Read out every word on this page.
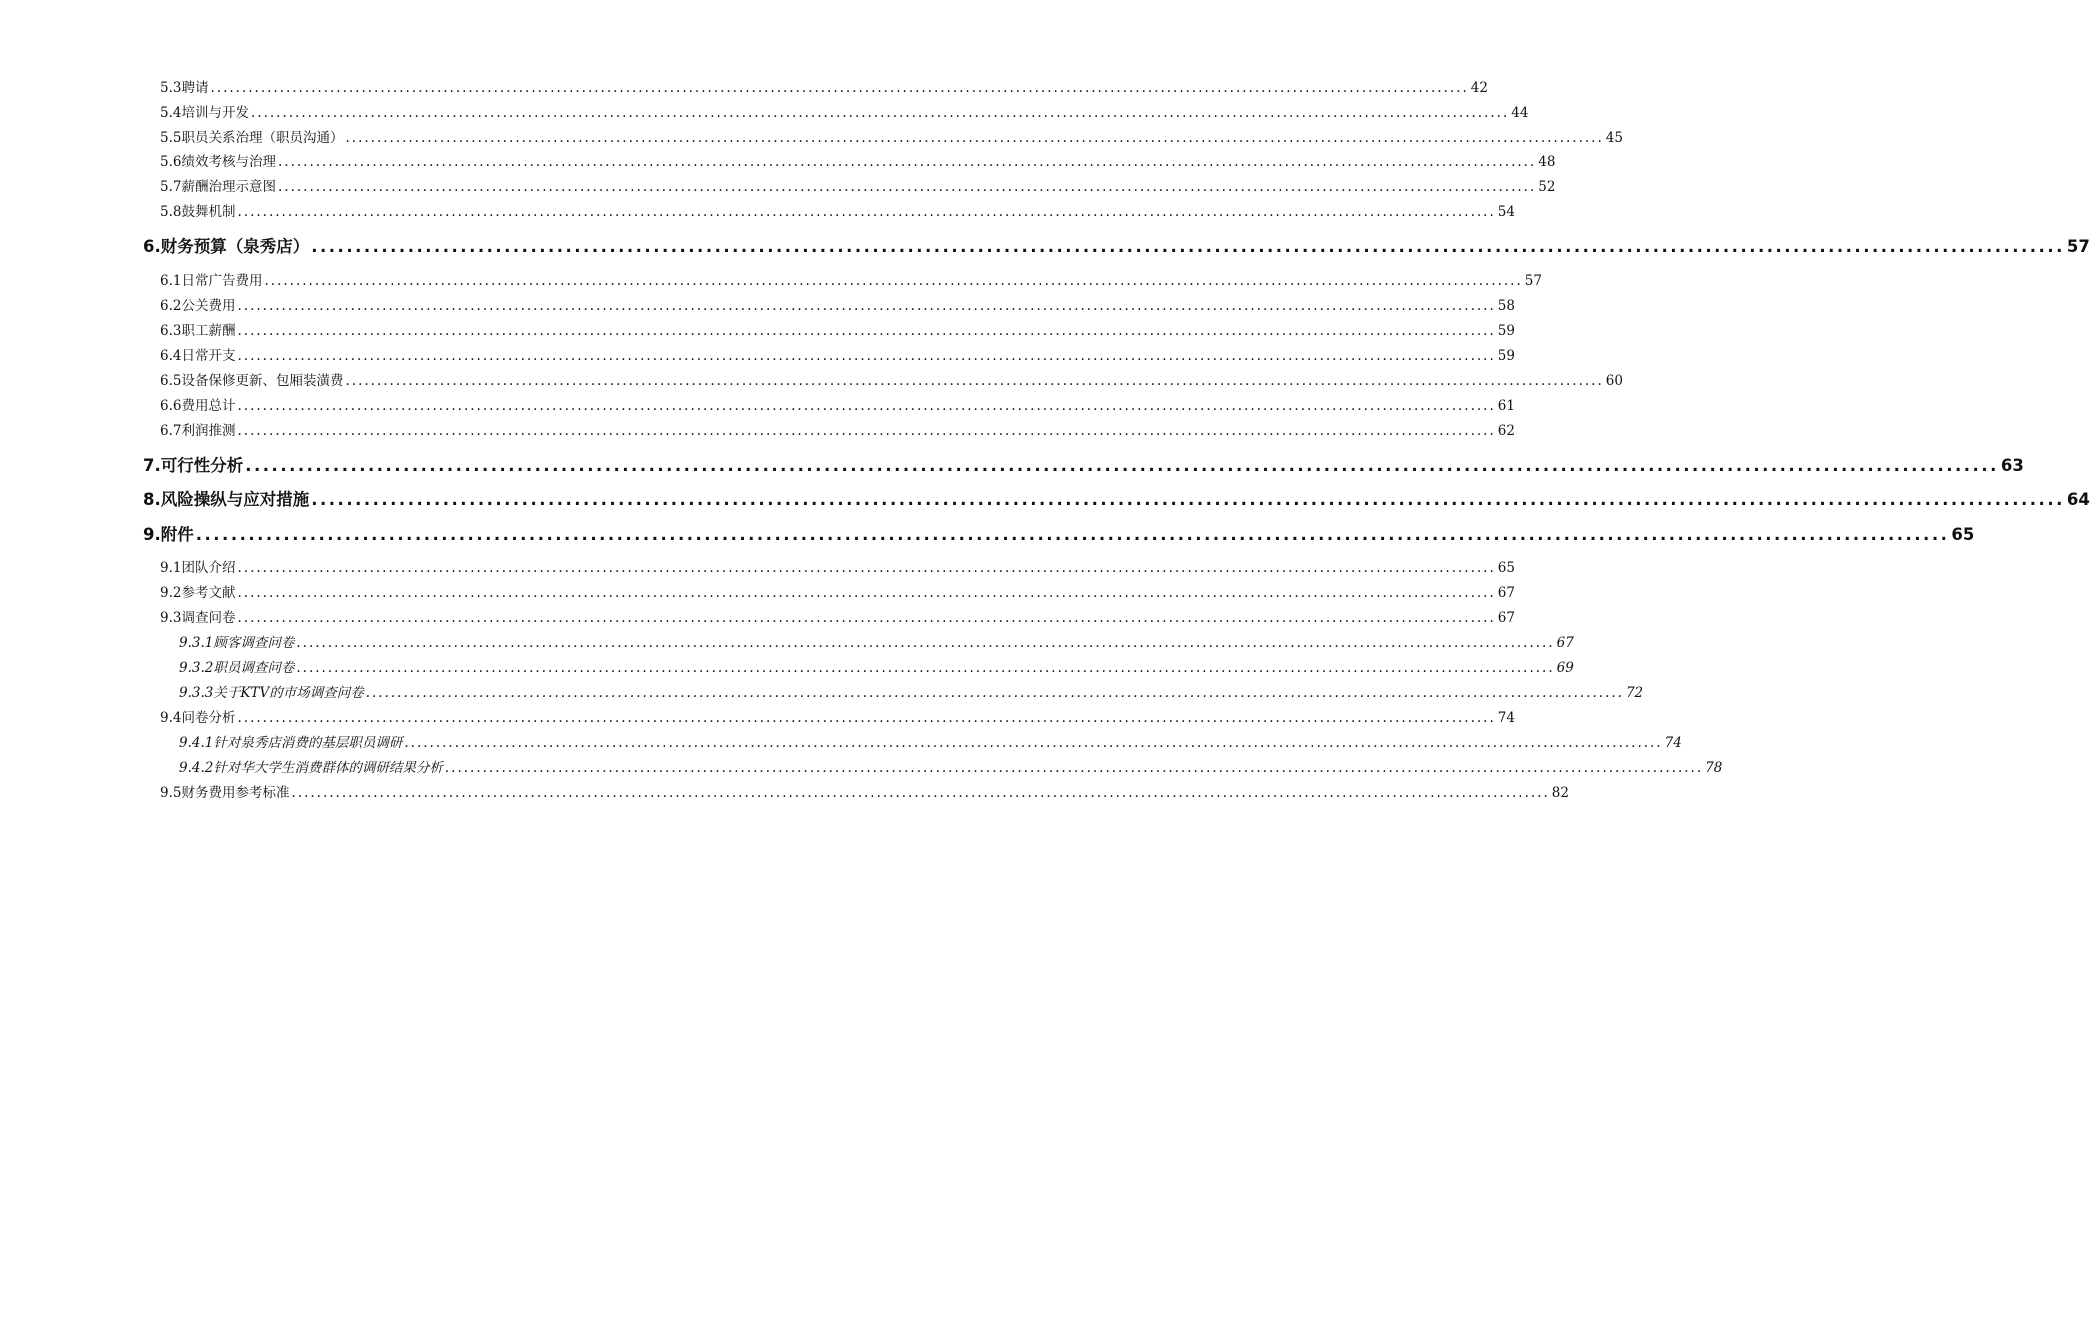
5.3聘请 ........................................................................................................................................................................................................ 42
5.4培训与开发 ........................................................................................................................................................................................................ 44
5.5职员关系治理（职员沟通） ........................................................................................................................................................................................................ 45
5.6绩效考核与治理 ........................................................................................................................................................................................................ 48
5.7薪酬治理示意图 ........................................................................................................................................................................................................ 52
5.8鼓舞机制 ........................................................................................................................................................................................................ 54
6.财务预算（泉秀店） ........................................................................................................................................................................................................ 57
6.1日常广告费用 ........................................................................................................................................................................................................ 57
6.2公关费用 ........................................................................................................................................................................................................ 58
6.3职工薪酬 ........................................................................................................................................................................................................ 59
6.4日常开支 ........................................................................................................................................................................................................ 59
6.5设备保修更新、包厢装潢费 ........................................................................................................................................................................................................ 60
6.6费用总计 ........................................................................................................................................................................................................ 61
6.7利润推测 ........................................................................................................................................................................................................ 62
7.可行性分析 ........................................................................................................................................................................................................ 63
8.风险操纵与应对措施 ........................................................................................................................................................................................................ 64
9.附件 ........................................................................................................................................................................................................ 65
9.1团队介绍 ........................................................................................................................................................................................................ 65
9.2参考文献 ........................................................................................................................................................................................................ 67
9.3调查问卷 ........................................................................................................................................................................................................ 67
9.3.1顾客调查问卷 ........................................................................................................................................................................................................ 67
9.3.2职员调查问卷 ........................................................................................................................................................................................................ 69
9.3.3关于KTV的市场调查问卷 ........................................................................................................................................................................................................ 72
9.4问卷分析 ........................................................................................................................................................................................................ 74
9.4.1针对泉秀店消费的基层职员调研 ........................................................................................................................................................................................................ 74
9.4.2针对华大学生消费群体的调研结果分析 ........................................................................................................................................................................................................ 78
9.5财务费用参考标准 ........................................................................................................................................................................................................ 82
